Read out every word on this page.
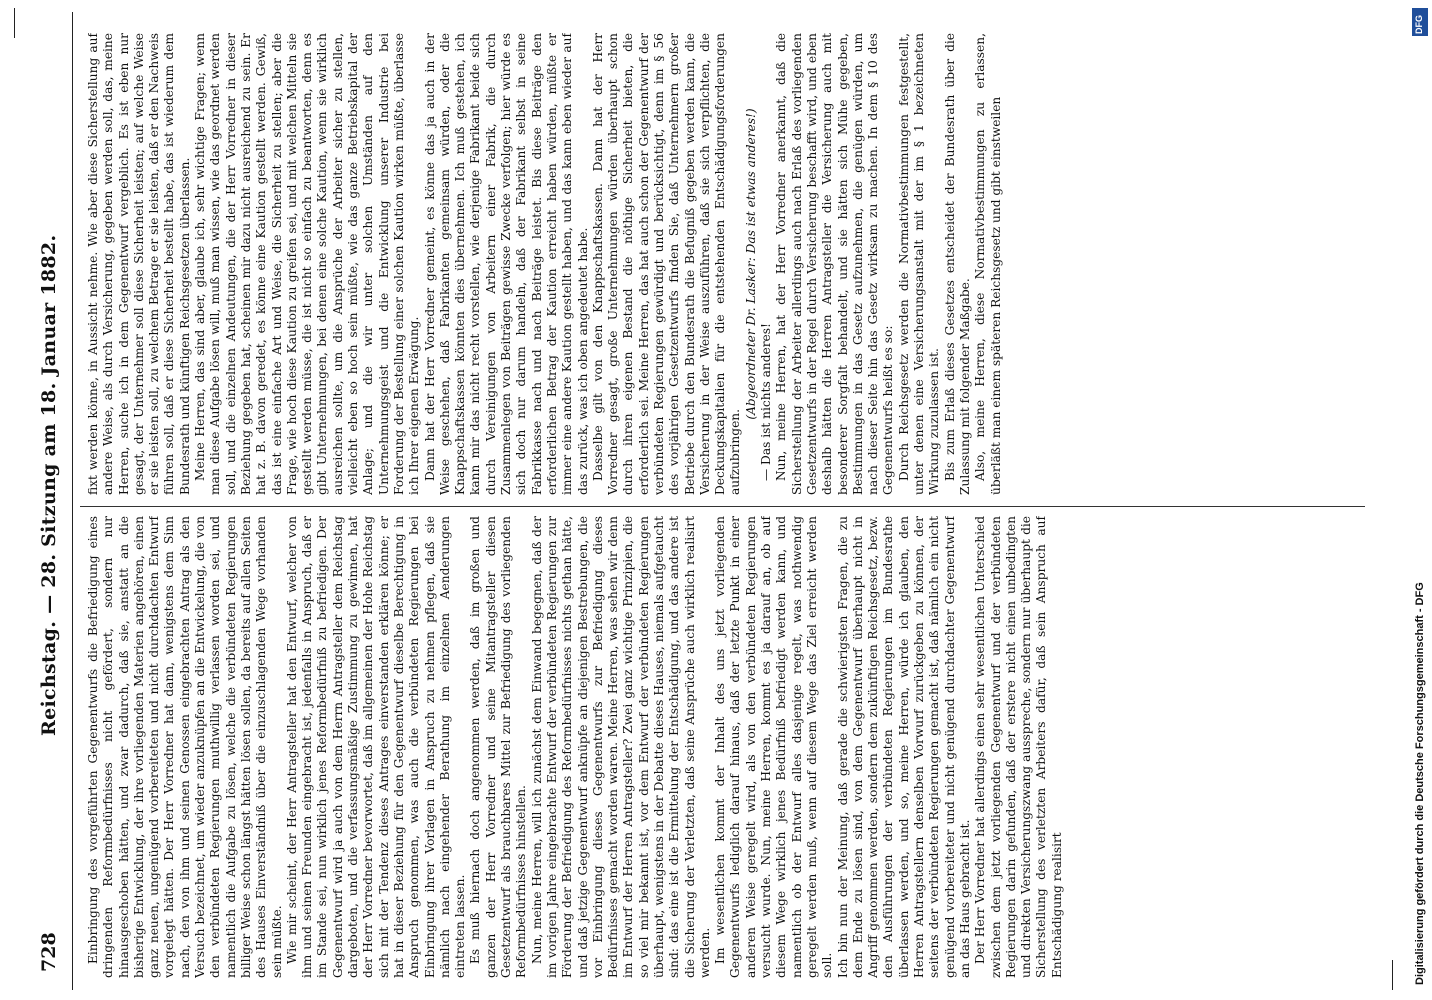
728
Reichstag. — 28. Sitzung am 18. Januar 1882.

Einbringung des vorgeführten Gegenentwurfs die Befriedigung eines dringenden Reformbedürfnisses nicht gefördert, sondern nur hinausgeschoben hätten, und zwar dadurch, daß sie, anstatt an die bisherige Entwicklung, der ihre vorliegenden Materien angehören, einen ganz neuen, ungenügend vorbereiteten und nicht durchdachten Entwurf vorgelegt hätten. Der Herr Vorredner hat dann, wenigstens dem Sinn nach, den von ihm und seinen Genossen eingebrachten Antrag als den Versuch bezeichnet, um wieder anzuknüpfen an die Entwickelung, die von den verbündeten Regierungen muthwillig verlassen worden sei, und namentlich die Aufgabe zu lösen, welche die verbündeten Regierungen billiger Weise schon längst hätten lösen sollen, da bereits auf allen Seiten des Hauses Einverständniß über die einzuschlagenden Wege vorhanden sein müßte. Wie mir scheint, der Herr Antragsteller hat den Entwurf, welcher von ihm und seinen Freunden eingebracht ist, jedenfalls in Anspruch, daß er im Stande sei, nun wirklich jenes Reformbedürfniß zu befriedigen. Der Gegenentwurf wird ja auch von dem Herrn Antragsteller dem Reichstag dargeboten, und die verfassungsmäßige Zustimmung zu gewinnen, hat der Herr Vorredner bevorwortet, daß im allgemeinen der Hohe Reichstag sich mit der Tendenz dieses Antrages einverstanden erklären könne; er hat in dieser Beziehung für den Gegenentwurf dieselbe Berechtigung in Anspruch genommen, was auch die verbündeten Regierungen bei Einbringung ihrer Vorlagen in Anspruch zu nehmen pflegen, daß sie nämlich nach eingehender Berathung im einzelnen Aenderungen eintreten lassen. Es muß hiernach doch angenommen werden, daß im großen und ganzen der Herr Vorredner und seine Mitantragsteller diesen Gesetzentwurf als brauchbares Mittel zur Befriedigung des vorliegenden Reformbedürfnisses hinstellen. Nun, meine Herren, will ich zunächst dem Einwand begegnen, daß der im vorigen Jahre eingebrachte Entwurf der verbündeten Regierungen zur Förderung der Befriedigung des Reformbedürfnisses nichts gethan hätte, und daß jetzige Gegenentwurf anknüpfe an diejenigen Bestrebungen, die vor Einbringung dieses Gegenentwurfs zur Befriedigung dieses Bedürfnisses gemacht worden waren. Meine Herren, was sehen wir denn im Entwurf der Herren Antragsteller? Zwei ganz wichtige Prinzipien, die so viel mir bekannt ist, vor dem Entwurf der verbündeten Regierungen überhaupt, wenigstens in der Debatte dieses Hauses, niemals aufgetaucht sind: das eine ist die Ermittelung der Entschädigung, und das andere ist die Sicherung der Verletzten, daß seine Ansprüche auch wirklich realisirt werden. Im wesentlichen kommt der Inhalt des uns jetzt vorliegenden Gegenentwurfs lediglich darauf hinaus, daß der letzte Punkt in einer anderen Weise geregelt wird, als von den verbündeten Regierungen versucht wurde. Nun, meine Herren, kommt es ja darauf an, ob auf diesem Wege wirklich jenes Bedürfniß befriedigt werden kann, und namentlich ob der Entwurf alles dasjenige regelt, was nothwendig geregelt werden muß, wenn auf diesem Wege das Ziel erreicht werden soll. Ich bin nun der Meinung, daß gerade die schwierigsten Fragen, die zu dem Ende zu lösen sind, von dem Gegenentwurf überhaupt nicht in Angriff genommen werden, sondern dem zukünftigen Reichsgesetz, bezw. den Ausführungen der verbündeten Regierungen im Bundesrathe überlassen werden, und so, meine Herren, würde ich glauben, den Herren Antragstellern denselben Vorwurf zurückgeben zu können, der seitens der verbündeten Regierungen gemacht ist, daß nämlich ein nicht genügend vorbereiteter und nicht genügend durchdachter Gegenentwurf an das Haus gebracht ist. Der Herr Vorredner hat allerdings einen sehr wesentlichen Unterschied zwischen dem jetzt vorliegenden Gegenentwurf und der verbündeten Regierungen darin gefunden, daß der erstere nicht einen unbedingten und direkten Versicherungszwang ausspreche, sondern nur überhaupt die Sicherstellung des verletzten Arbeiters dafür, daß sein Anspruch auf Entschädigung realisirt

fixt werden könne, in Aussicht nehme. Wie aber diese Sicherstellung auf andere Weise, als durch Versicherung, gegeben werden soll, das, meine Herren, suche ich in dem Gegenentwurf vergeblich. Es ist eben nur gesagt, der Unternehmer soll diese Sicherheit leisten; auf welche Weise er sie leisten soll, zu welchem Betrage er sie leisten, daß er den Nachweis führen soll, daß er diese Sicherheit bestellt habe, das ist wiederum dem Bundesrath und künftigen Reichsgesetzen überlassen. Meine Herren, das sind aber, glaube ich, sehr wichtige Fragen; wenn man diese Aufgabe lösen will, muß man wissen, wie das geordnet werden soll, und die einzelnen Andeutungen, die der Herr Vorredner in dieser Beziehung gegeben hat, scheinen mir dazu nicht ausreichend zu sein. Er hat z. B. davon geredet, es könne eine Kaution gestellt werden. Gewiß, das ist eine einfache Art und Weise, die Sicherheit zu stellen; aber die Frage, wie hoch diese Kaution zu greifen sei, und mit welchen Mitteln sie gestellt werden müsse, die ist nicht so einfach zu beantworten, denn es gibt Unternehmungen, bei denen eine solche Kaution, wenn sie wirklich ausreichen sollte, um die Ansprüche der Arbeiter sicher zu stellen, vielleicht eben so hoch sein müßte, wie das ganze Betriebskapital der Anlage; und die wir unter solchen Umständen auf den Unternehmungsgeist und die Entwicklung unserer Industrie bei Forderung der Bestellung einer solchen Kaution wirken müßte, überlasse ich Ihrer eigenen Erwägung. Dann hat der Herr Vorredner gemeint, es könne das ja auch in der Weise geschehen, daß Fabrikanten gemeinsam würden, oder die Knappschaftskassen könnten dies übernehmen. Ich muß gestehen, ich kann mir das nicht recht vorstellen, wie derjenige Fabrikant beide sich durch Vereinigungen von Arbeitern einer Fabrik, die durch Zusammenlegen von Beiträgen gewisse Zwecke verfolgen; hier würde es sich doch nur darum handeln, daß der Fabrikant selbst in seine Fabrikkasse nach und nach Beiträge leistet. Bis diese Beiträge den erforderlichen Betrag der Kaution erreicht haben würden, müßte er immer eine andere Kaution gestellt haben, und das kann eben wieder auf das zurück, was ich oben angedeutet habe. Dasselbe gilt von den Knappschaftskassen. Dann hat der Herr Vorredner gesagt, große Unternehmungen würden überhaupt schon durch ihren eigenen Bestand die nöthige Sicherheit bieten, die erforderlich sei. Meine Herren, das hat auch schon der Gegenentwurf der verbündeten Regierungen gewürdigt und berücksichtigt, denn im § 56 des vorjährigen Gesetzentwurfs finden Sie, daß Unternehmern großer Betriebe durch den Bundesrath die Befugniß gegeben werden kann, die Versicherung in der Weise auszuführen, daß sie sich verpflichten, die Deckungskapitalien für die entstehenden Entschädigungsforderungen aufzubringen.

(Abgeordneter Dr. Lasker: Das ist etwas anderes!) — Das ist nichts anderes! Nun, meine Herren, hat der Herr Vorredner anerkannt, daß die Sicherstellung der Arbeiter allerdings auch nach Erlaß des vorliegenden Gesetzentwurfs in der Regel durch Versicherung beschafft wird, und eben deshalb hätten die Herren Antragsteller die Versicherung auch mit besonderer Sorgfalt behandelt, und sie hätten sich Mühe gegeben, Bestimmungen in das Gesetz aufzunehmen, die genügen würden, um nach dieser Seite hin das Gesetz wirksam zu machen. In dem § 10 des Gegenentwurfs heißt es so: Durch Reichsgesetz werden die Normativbestimmungen festgestellt, unter denen eine Versicherungsanstalt mit der im § 1 bezeichneten Wirkung zuzulassen ist. Bis zum Erlaß dieses Gesetzes entscheidet der Bundesrath über die Zulassung mit folgender Maßgabe. Also, meine Herren, diese Normativbestimmungen zu erlassen, überläßt man einem späteren Reichsgesetz und gibt einstweilen

Digitalisierung gefördert durch die Deutsche Forschungsgemeinschaft - DFG
DFG
